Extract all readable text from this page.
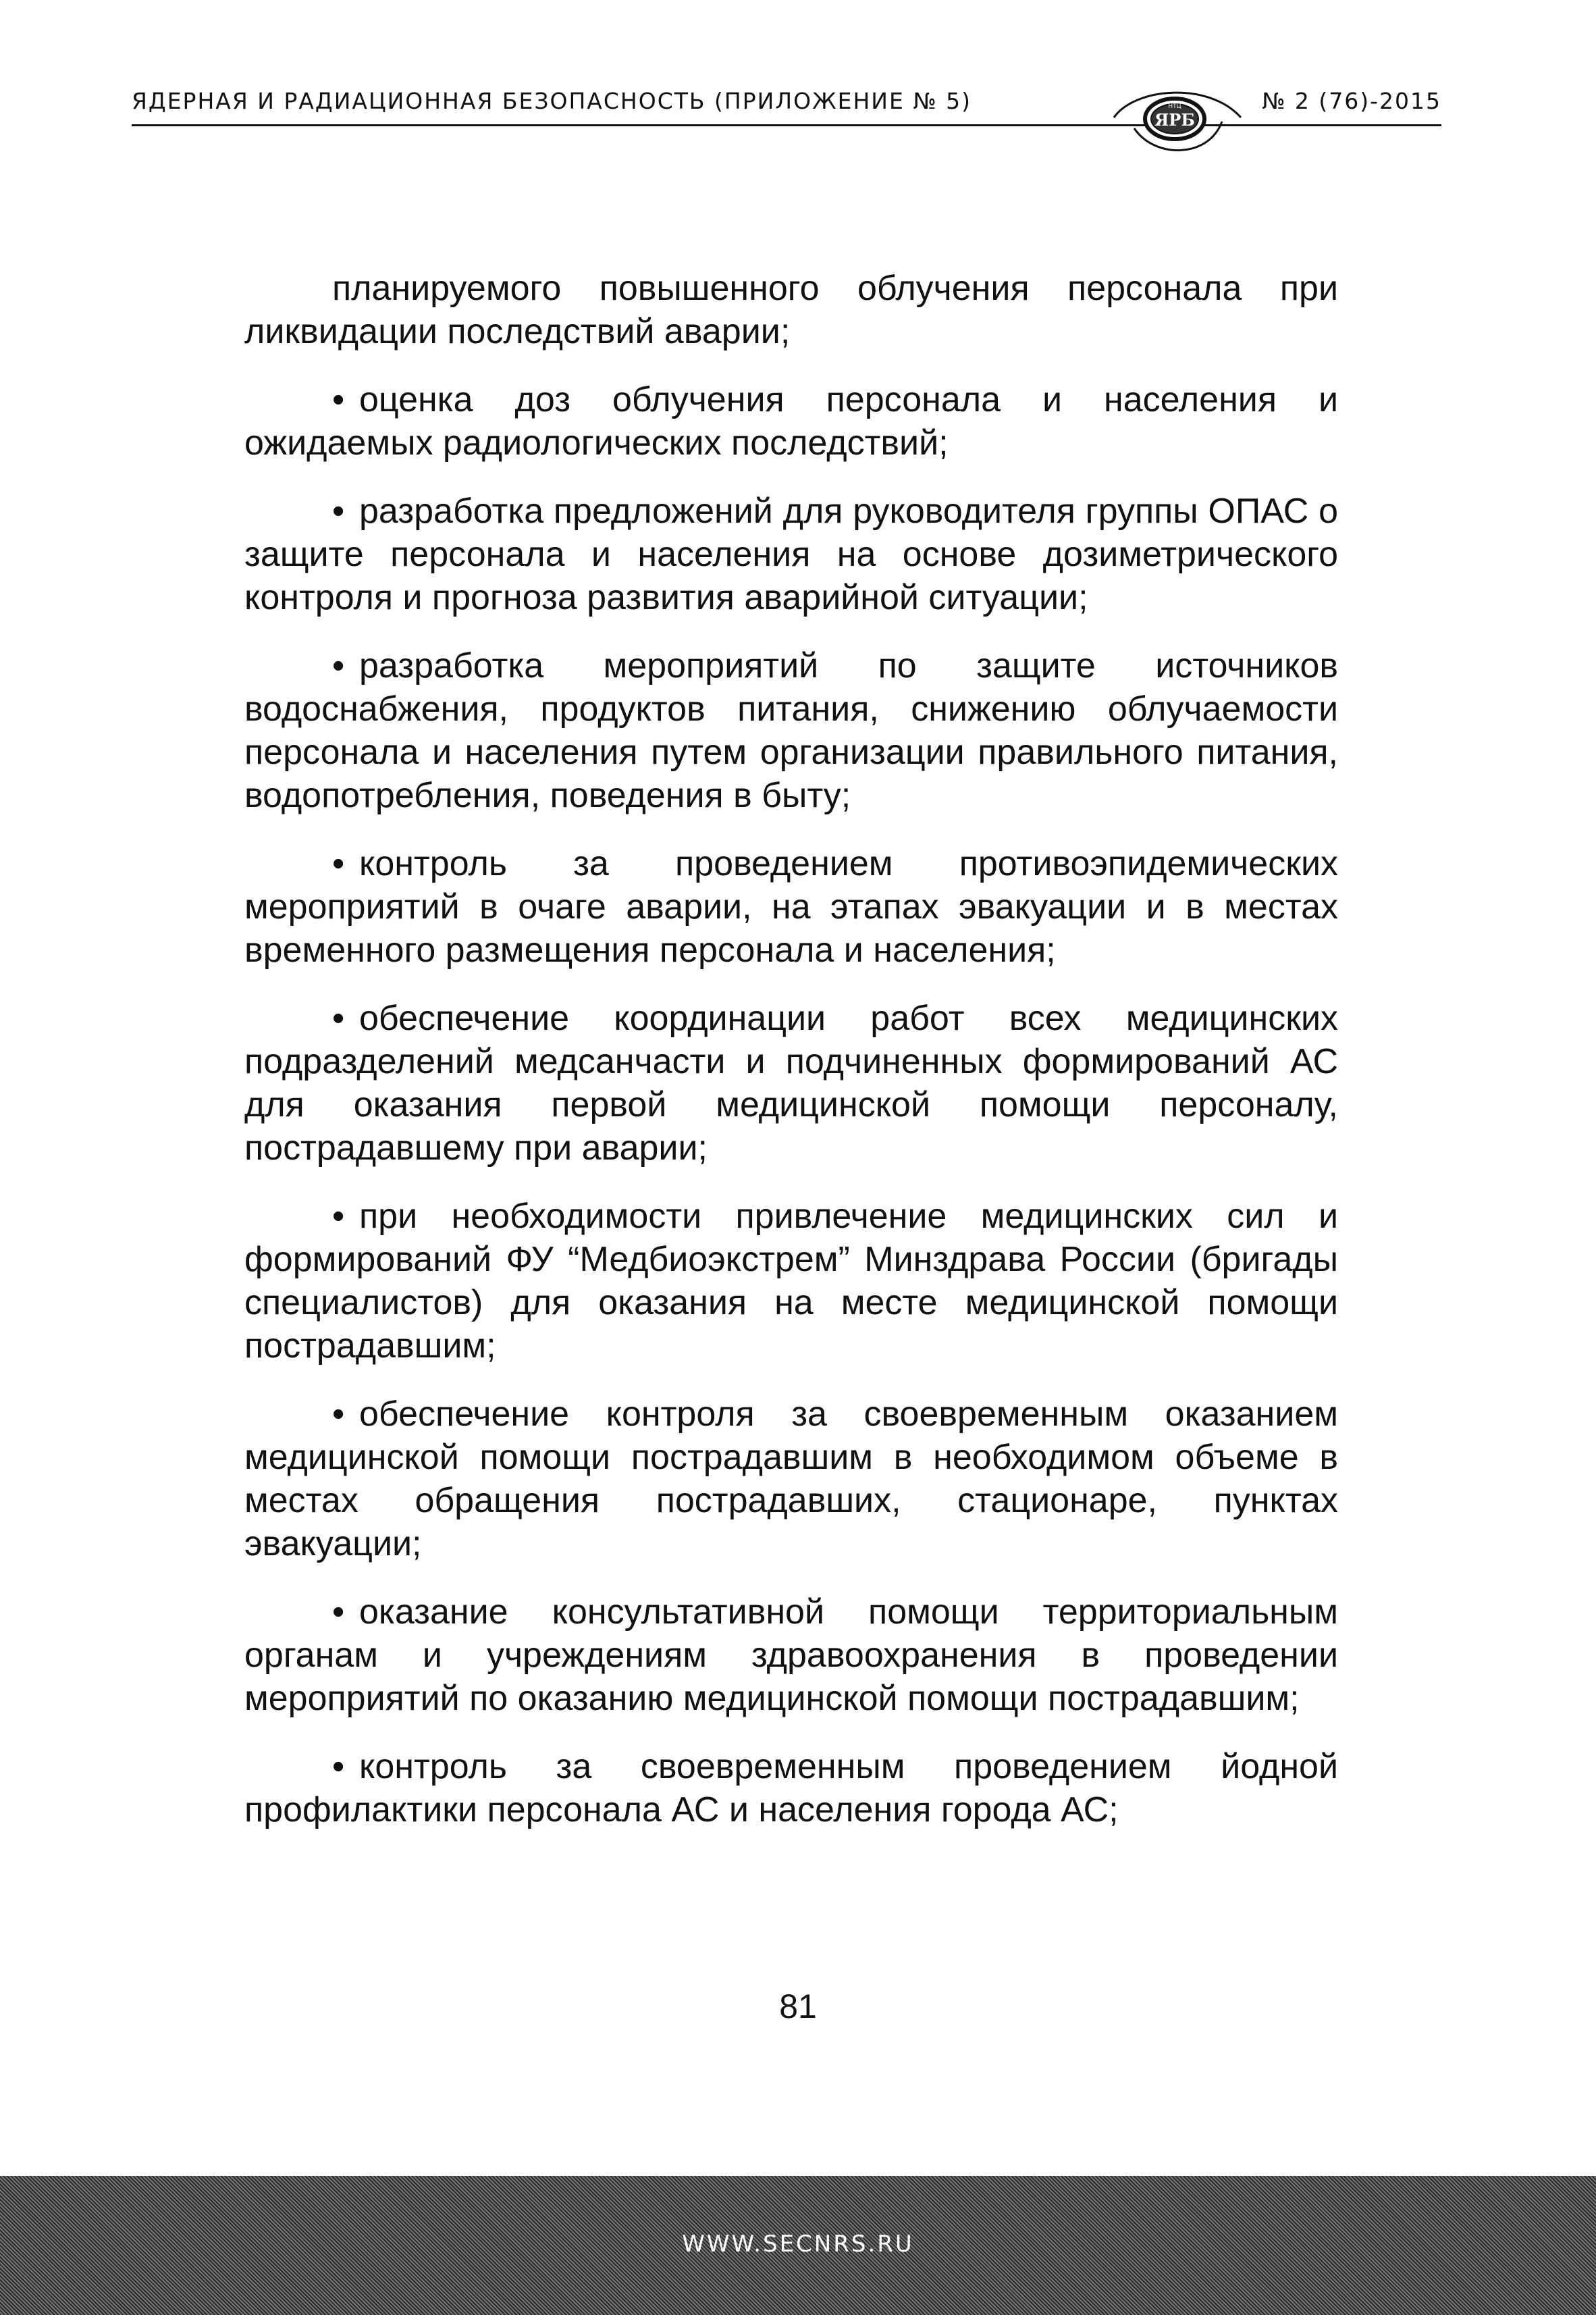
ЯДЕРНАЯ И РАДИАЦИОННАЯ БЕЗОПАСНОСТЬ (ПРИЛОЖЕНИЕ № 5)	№ 2 (76)-2015
НТЦ
ЯРБ

планируемого повышенного облучения персонала при ликвидации последствий аварии;

• оценка доз облучения персонала и населения и ожидаемых радиологических последствий;

• разработка предложений для руководителя группы ОПАС о защите персонала и населения на основе дозиметрического контроля и прогноза развития аварийной ситуации;

• разработка мероприятий по защите источников водоснабжения, продуктов питания, снижению облучаемости персонала и населения путем организации правильного питания, водопотребления, поведения в быту;

• контроль за проведением противоэпидемических мероприятий в очаге аварии, на этапах эвакуации и в местах временного размещения персонала и населения;

• обеспечение координации работ всех медицинских подразделений медсанчасти и подчиненных формирований АС для оказания первой медицинской помощи персоналу, пострадавшему при аварии;

• при необходимости привлечение медицинских сил и формирований ФУ “Медбиоэкстрем” Минздрава России (бригады специалистов) для оказания на месте медицинской помощи пострадавшим;

• обеспечение контроля за своевременным оказанием медицинской помощи пострадавшим в необходимом объеме в местах обращения пострадавших, стационаре, пунктах эвакуации;

• оказание консультативной помощи территориальным органам и учреждениям здравоохранения в проведении мероприятий по оказанию медицинской помощи пострадавшим;

• контроль за своевременным проведением йодной профилактики персонала АС и населения города АС;

81
WWW.SECNRS.RU
